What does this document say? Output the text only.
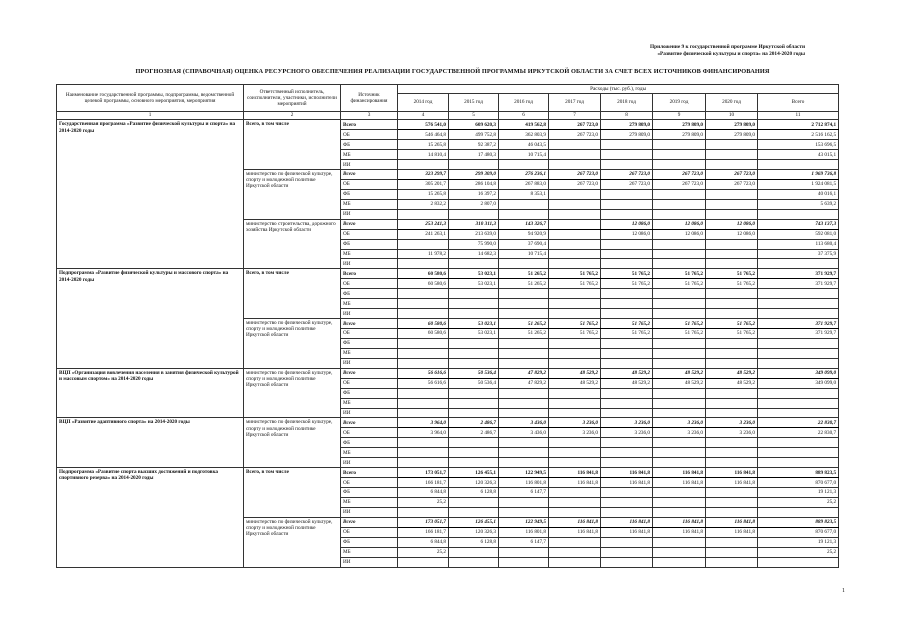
Приложение 9 к государственной программе Иркутской области
«Развитие физической культуры и спорта» на 2014-2020 годы
ПРОГНОЗНАЯ (СПРАВОЧНАЯ) ОЦЕНКА РЕСУРСНОГО ОБЕСПЕЧЕНИЯ РЕАЛИЗАЦИИ ГОСУДАРСТВЕННОЙ ПРОГРАММЫ ИРКУТСКОЙ ОБЛАСТИ ЗА СЧЕТ ВСЕХ ИСТОЧНИКОВ ФИНАНСИРОВАНИЯ
Наименование государственной программы, подпрограммы, ведомственной целевой программы, основного мероприятия, мероприятия	Ответственный исполнитель, соисполнители, участники, исполнители мероприятий	Источник финансирования	Расходы (тыс. руб.), годы							
			2014 год	2015 год	2016 год	2017 год	2018 год	2019 год	2020 год	Всего
1	2	3	4	5	6	7	8	9	10	11
Государственная программа «Развитие физической культуры и спорта» на 2014-2020 годы	Всего, в том числе	Всего	576 541,0	609 620,3	419 562,8	267 723,0	279 809,0	279 809,0	279 809,0	2 712 874,1
		ОБ	546 464,8	499 752,8	362 803,9	267 723,0	279 809,0	279 809,0	279 809,0	2 516 162,5
		ФБ	15 265,8	92 387,2	46 043,5					153 696,5
		МБ	14 810,4	17 480,3	10 715,4					43 015,1
		ИИ								
	министерство по физической культуре, спорту и молодежной политике Иркутской области	Всего	323 299,7	299 309,0	276 236,1	267 723,0	267 723,0	267 723,0	267 723,0	1 969 736,8
		ОБ	305 201,7	286 104,8	267 883,0	267 723,0	267 723,0	267 723,0	267 723,0	1 924 081,5
		ФБ	15 265,8	16 397,2	8 353,1					40 016,1
		МБ	2 832,2	2 807,0						5 639,2
		ИИ								
	министерство строительства, дорожного хозяйства Иркутской области	Всего	253 241,3	310 311,3	143 326,7		12 086,0	12 086,0	12 086,0	743 137,3
		ОБ	241 263,1	213 639,0	94 920,9		12 086,0	12 086,0	12 086,0	592 081,0
		ФБ		75 990,0	37 690,4					113 680,4
		МБ	11 978,2	14 682,3	10 715,4					37 375,9
		ИИ								
Подпрограмма «Развитие физической культуры и массового спорта» на 2014-2020 годы	Всего, в том числе	Всего	60 580,6	53 023,1	51 265,2	51 765,2	51 765,2	51 765,2	51 765,2	371 929,7
		ОБ	60 580,6	53 023,1	51 265,2	51 765,2	51 765,2	51 765,2	51 765,2	371 929,7
		ФБ								
		МБ								
		ИИ								
	министерство по физической культуре, спорту и молодежной политике Иркутской области	Всего	60 580,6	53 023,1	51 265,2	51 765,2	51 765,2	51 765,2	51 765,2	371 929,7
		ОБ	60 580,6	53 023,1	51 265,2	51 765,2	51 765,2	51 765,2	51 765,2	371 929,7
		ФБ								
		МБ								
		ИИ								
ВЦП «Организация вовлечения населения в занятия физической культурой и массовым спортом» на 2014-2020 годы	министерство по физической культуре, спорту и молодежной политике Иркутской области	Всего	56 616,6	50 536,4	47 829,2	48 529,2	48 529,2	48 529,2	48 529,2	349 099,0
		ОБ	56 616,6	50 536,4	47 829,2	48 529,2	48 529,2	48 529,2	48 529,2	349 099,0
		ФБ								
		МБ								
		ИИ								
ВЦП «Развитие адаптивного спорта» на 2014-2020 годы	министерство по физической культуре, спорту и молодежной политике Иркутской области	Всего	3 964,0	2 486,7	3 436,0	3 236,0	3 236,0	3 236,0	3 236,0	22 830,7
		ОБ	3 964,0	2 486,7	3 436,0	3 236,0	3 236,0	3 236,0	3 236,0	22 830,7
		ФБ								
		МБ								
		ИИ								
Подпрограмма «Развитие спорта высших достижений и подготовка спортивного резерва» на 2014-2020 годы	Всего, в том числе	Всего	173 051,7	126 455,1	122 949,5	116 841,8	116 841,8	116 841,8	116 841,8	889 823,5
		ОБ	166 181,7	120 326,3	116 801,8	116 841,8	116 841,8	116 841,8	116 841,8	870 677,0
		ФБ	6 844,8	6 128,8	6 147,7					19 121,3
		МБ	25,2							25,2
		ИИ								
	министерство по физической культуре, спорту и молодежной политике Иркутской области	Всего	173 051,7	126 455,1	122 949,5	116 841,8	116 841,8	116 841,8	116 841,8	889 823,5
		ОБ	166 181,7	120 326,3	116 801,8	116 841,8	116 841,8	116 841,8	116 841,8	870 677,0
		ФБ	6 844,8	6 128,8	6 147,7					19 121,3
		МБ	25,2							25,2
		ИИ								
1
